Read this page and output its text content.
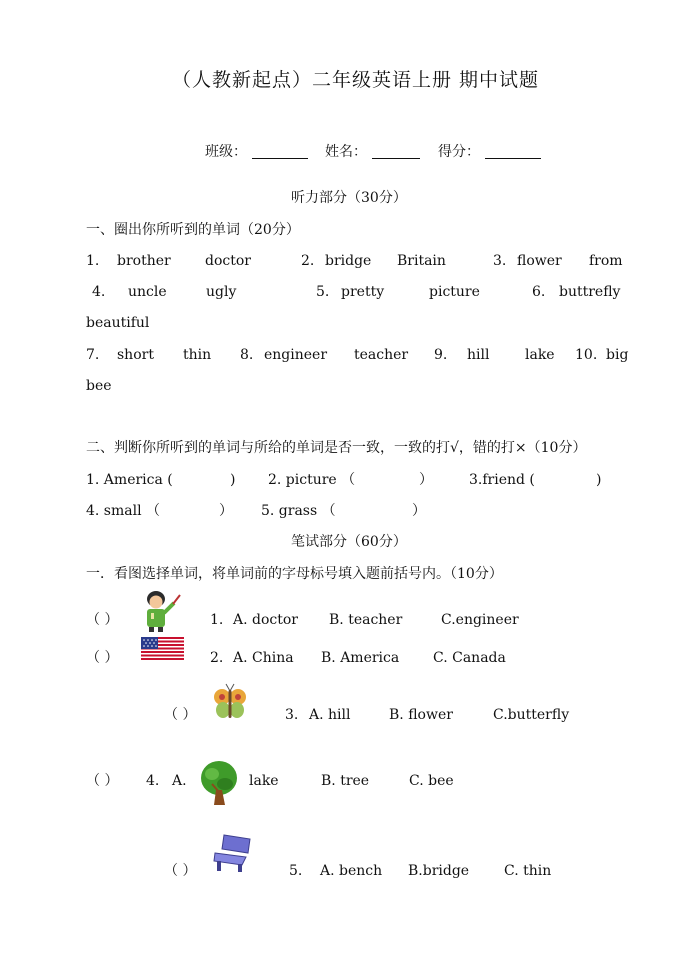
（人教新起点）二年级英语上册 期中试题
班级：	姓名：	得分：
听力部分（30分）
一、圈出你所听到的单词（20分）
1. brother doctor	2. bridge Britain	3. flower from
4. uncle	ugly	5. pretty	picture	6. buttrefly
beautiful
7. short thin 8. engineer teacher 9. hill	lake 10. big
bee
二、判断你所听到的单词与所给的单词是否一致，一致的打√，错的打×（10分）
1. America (	) 2. picture （	）	3.friend (	)
4. small （	） 5. grass （	）
笔试部分（60分）
一．看图选择单词，将单词前的字母标号填入题前括号内。（10分）
（ ）	1. A. doctor B. teacher	C.engineer
（ ）	2. A. China B. America C. Canada
（ ）	3. A. hill	B. flower	C.butterfly
（ ） 4. A.	lake	B. tree	C. bee
（ ）	5. A. bench B.bridge C. thin
